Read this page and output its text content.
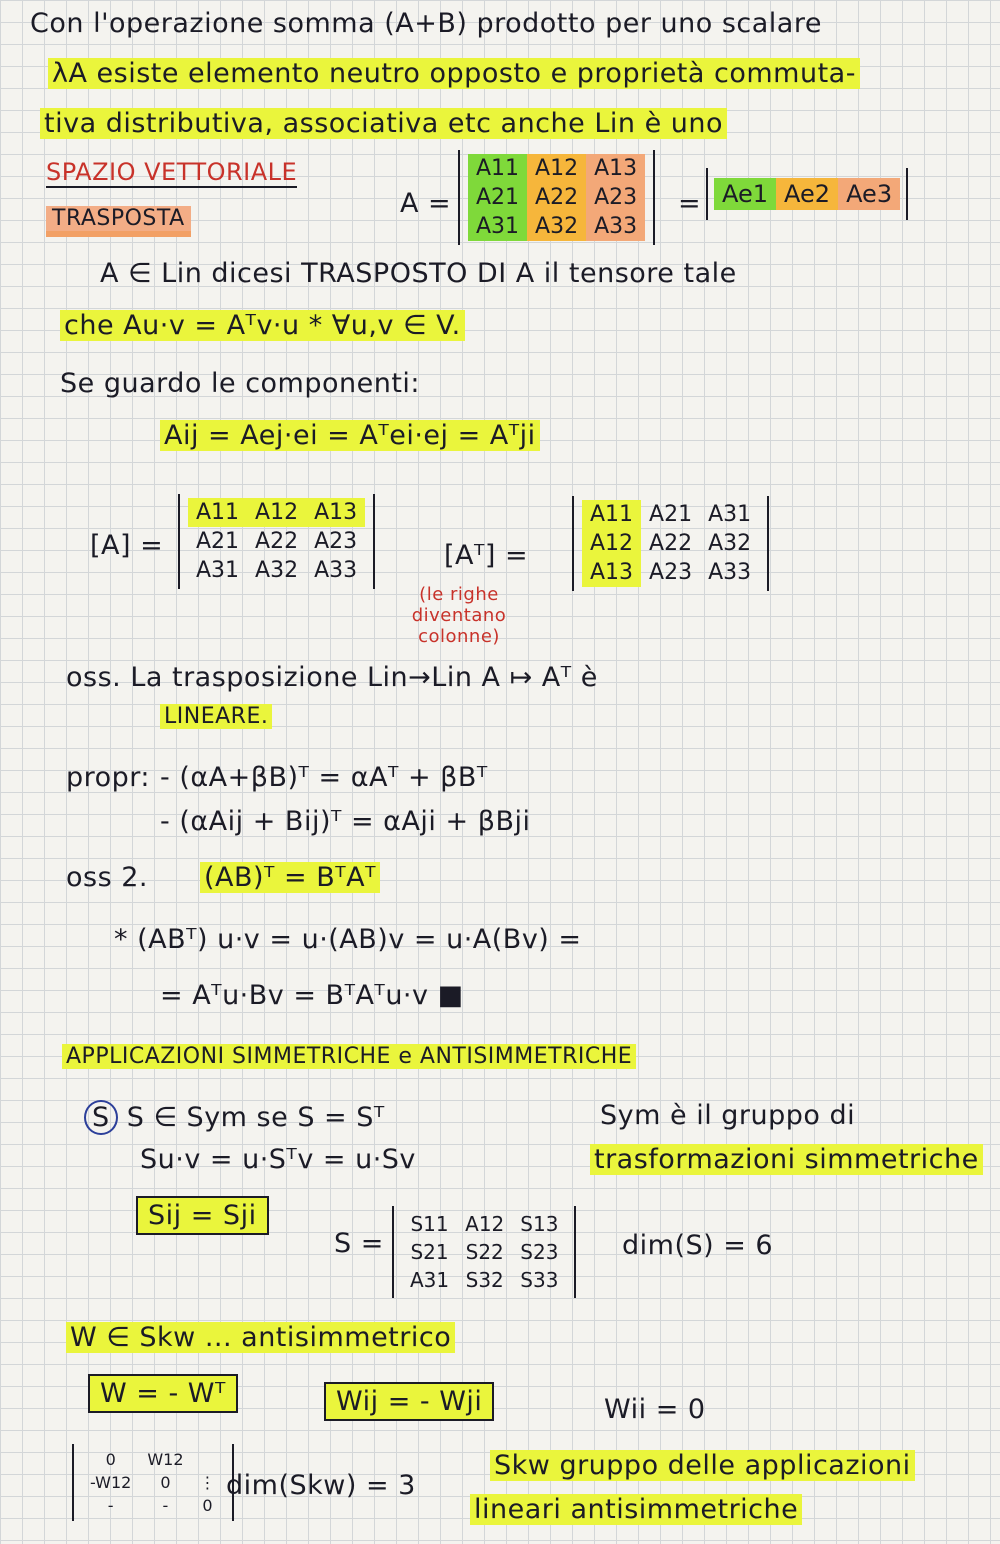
Con l'operazione somma (A+B) prodotto per uno scalare
λA esiste elemento neutro opposto e proprietà commuta-
tiva distributiva, associativa etc anche Lin è uno
SPAZIO VETTORIALE
TRASPOSTA	A =
A11 A12 A13
A21 A22 A23
A31 A32 A33
= Ae1 Ae2 Ae3
A ∈ Lin dicesi TRASPOSTO DI A il tensore tale
che Au·v = Aᵀv·u * ∀u,v ∈ V.
Se guardo le componenti:
Aij = Aej·ei = Aᵀei·ej = Aᵀji
[A] =
A11 A12 A13
A21 A22 A23
A31 A32 A33
(le righe diventano colonne)
[Aᵀ] =
A11 A21 A31
A12 A22 A32
A13 A23 A33
oss. La trasposizione Lin→Lin A ↦ Aᵀ è
LINEARE.
propr: - (αA+βB)ᵀ = αAᵀ + βBᵀ
- (αAij + Bij)ᵀ = αAji + βBji
oss 2. (AB)ᵀ = BᵀAᵀ
* (ABᵀ) u·v = u·(AB)v = u·A(Bv) =
= Aᵀu·Bv = BᵀAᵀu·v ■
APPLICAZIONI SIMMETRICHE e ANTISIMMETRICHE
S S ∈ Sym se S = Sᵀ	Sym è il gruppo di
trasformazioni simmetriche
Su·v = u·Sᵀv = u·Sv
Sij = Sji
S =
S11 A12 S13
S21 S22 S23
A31 S32 S33
dim(S) = 6
W ∈ Skw ... antisimmetrico
W = - Wᵀ	Wij = - Wji	Wii = 0
0	W12
-W12	0	⋮
-	-	0
dim(Skw) = 3
Skw gruppo delle applicazioni
lineari antisimmetriche
